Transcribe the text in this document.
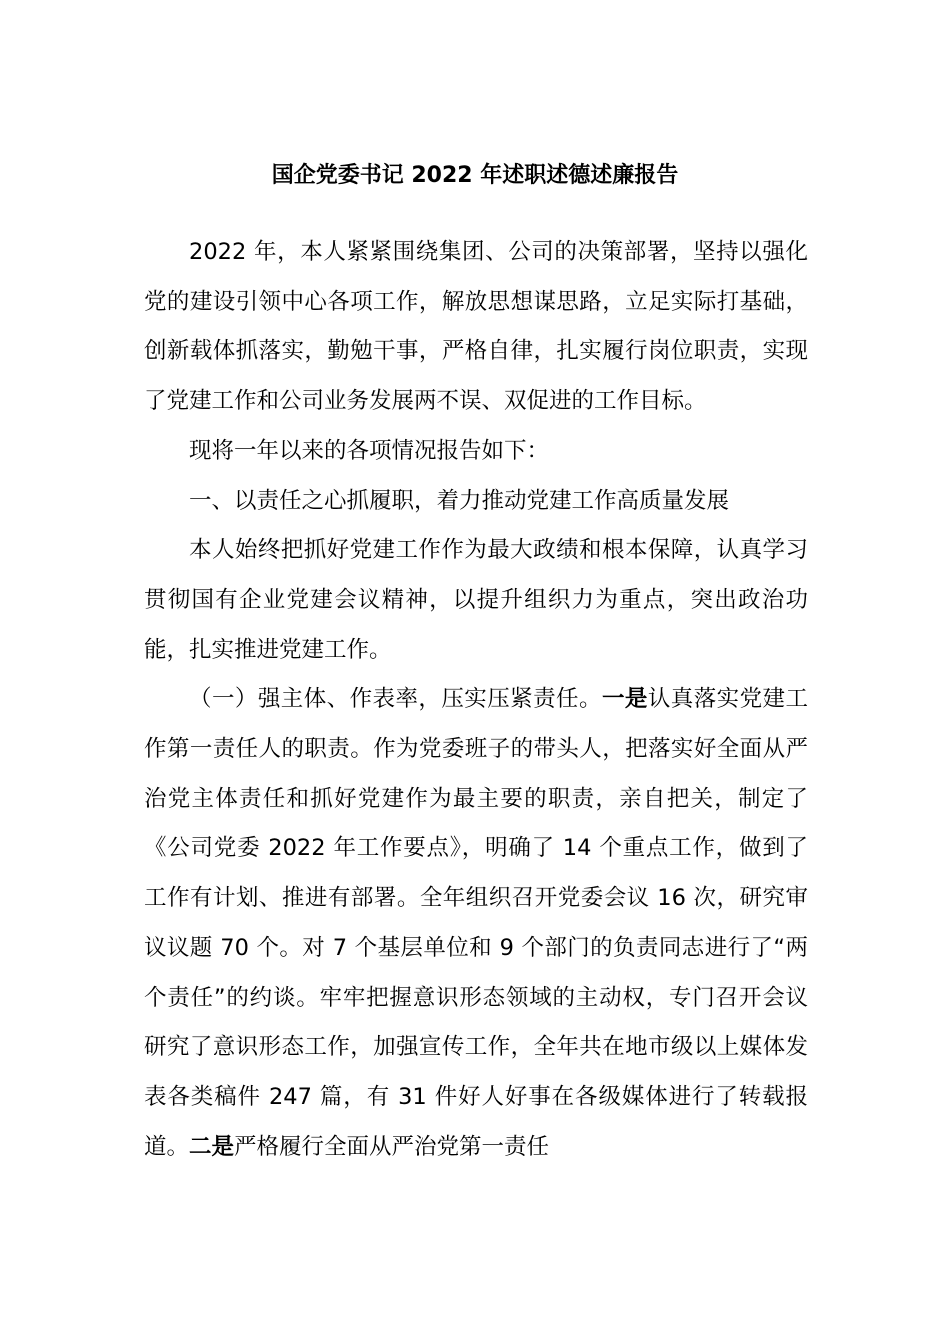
国企党委书记 2022 年述职述德述廉报告

2022 年，本人紧紧围绕集团、公司的决策部署，坚持以强化党的建设引领中心各项工作，解放思想谋思路，立足实际打基础，创新载体抓落实，勤勉干事，严格自律，扎实履行岗位职责，实现了党建工作和公司业务发展两不误、双促进的工作目标。

现将一年以来的各项情况报告如下：

一、以责任之心抓履职，着力推动党建工作高质量发展

本人始终把抓好党建工作作为最大政绩和根本保障，认真学习贯彻国有企业党建会议精神，以提升组织力为重点，突出政治功能，扎实推进党建工作。

（一）强主体、作表率，压实压紧责任。一是认真落实党建工作第一责任人的职责。作为党委班子的带头人，把落实好全面从严治党主体责任和抓好党建作为最主要的职责，亲自把关，制定了《公司党委 2022 年工作要点》，明确了 14 个重点工作，做到了工作有计划、推进有部署。全年组织召开党委会议 16 次，研究审议议题 70 个。对 7 个基层单位和 9 个部门的负责同志进行了“两个责任”的约谈。牢牢把握意识形态领域的主动权，专门召开会议研究了意识形态工作，加强宣传工作，全年共在地市级以上媒体发表各类稿件 247 篇，有 31 件好人好事在各级媒体进行了转载报道。二是严格履行全面从严治党第一责任
